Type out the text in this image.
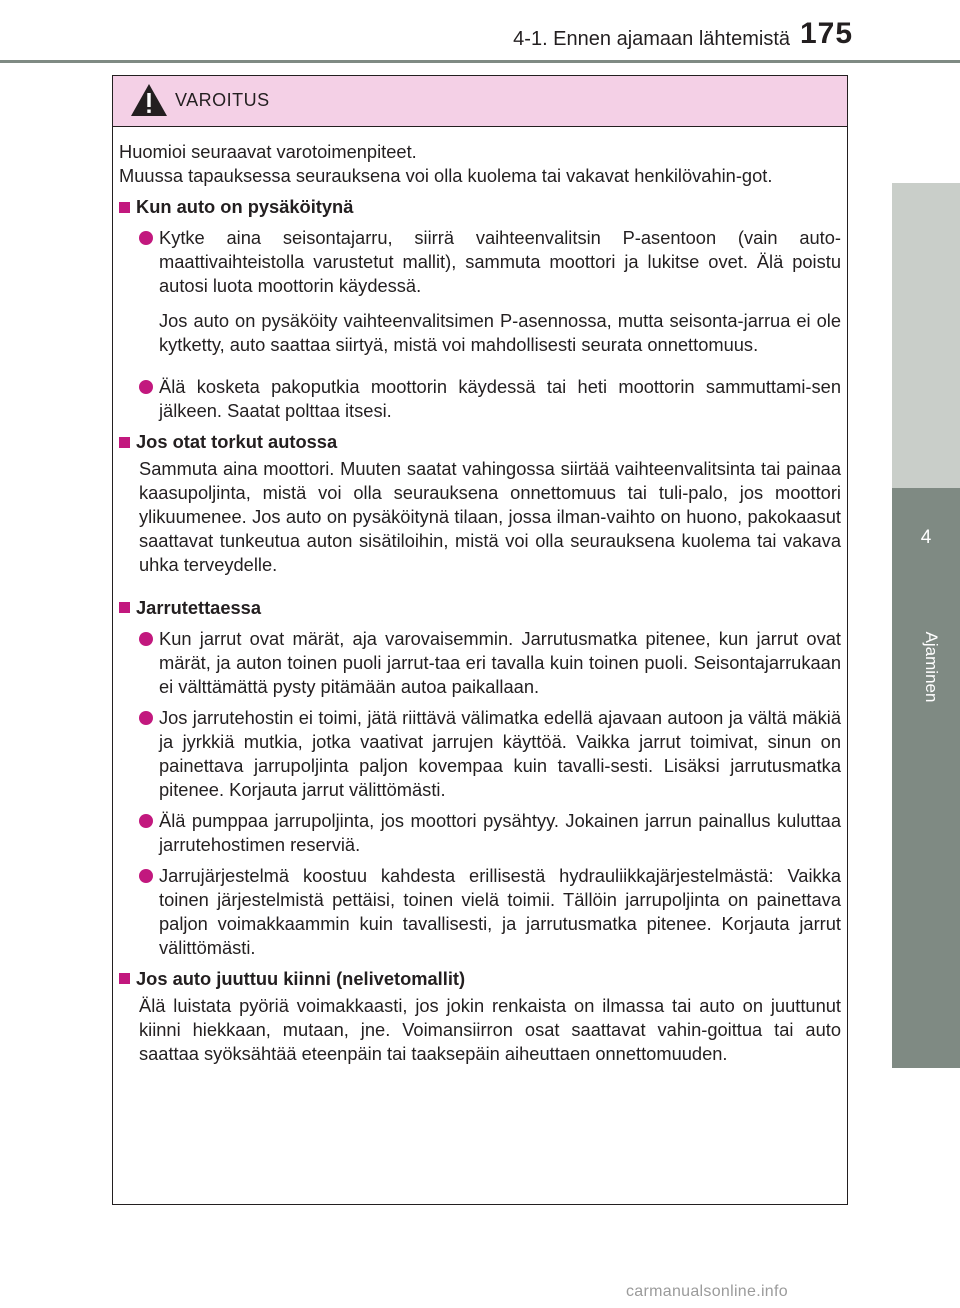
4-1. Ennen ajamaan lähtemistä 175
4
Ajaminen
VAROITUS

Huomioi seuraavat varotoimenpiteet.

Muussa tapauksessa seurauksena voi olla kuolema tai vakavat henkilövahin-got.

Kun auto on pysäköitynä
Kytke aina seisontajarru, siirrä vaihteenvalitsin P-asentoon (vain auto-maattivaihteistolla varustetut mallit), sammuta moottori ja lukitse ovet. Älä poistu autosi luota moottorin käydessä.

Jos auto on pysäköity vaihteenvalitsimen P-asennossa, mutta seisonta-jarrua ei ole kytketty, auto saattaa siirtyä, mistä voi mahdollisesti seurata onnettomuus.

Älä kosketa pakoputkia moottorin käydessä tai heti moottorin sammuttami-sen jälkeen. Saatat polttaa itsesi.
Jos otat torkut autossa

Sammuta aina moottori. Muuten saatat vahingossa siirtää vaihteenvalitsinta tai painaa kaasupoljinta, mistä voi olla seurauksena onnettomuus tai tuli-palo, jos moottori ylikuumenee. Jos auto on pysäköitynä tilaan, jossa ilman-vaihto on huono, pakokaasut saattavat tunkeutua auton sisätiloihin, mistä voi olla seurauksena kuolema tai vakava uhka terveydelle.

Jarrutettaessa
Kun jarrut ovat märät, aja varovaisemmin. Jarrutusmatka pitenee, kun jarrut ovat märät, ja auton toinen puoli jarrut-taa eri tavalla kuin toinen puoli. Seisontajarrukaan ei välttämättä pysty pitämään autoa paikallaan.
Jos jarrutehostin ei toimi, jätä riittävä välimatka edellä ajavaan autoon ja vältä mäkiä ja jyrkkiä mutkia, jotka vaativat jarrujen käyttöä. Vaikka jarrut toimivat, sinun on painettava jarrupoljinta paljon kovempaa kuin tavalli-sesti. Lisäksi jarrutusmatka pitenee. Korjauta jarrut välittömästi.
Älä pumppaa jarrupoljinta, jos moottori pysähtyy. Jokainen jarrun painallus kuluttaa jarrutehostimen reserviä.
Jarrujärjestelmä koostuu kahdesta erillisestä hydrauliikkajärjestelmästä: Vaikka toinen järjestelmistä pettäisi, toinen vielä toimii. Tällöin jarrupoljinta on painettava paljon voimakkaammin kuin tavallisesti, ja jarrutusmatka pitenee. Korjauta jarrut välittömästi.
Jos auto juuttuu kiinni (nelivetomallit)

Älä luistata pyöriä voimakkaasti, jos jokin renkaista on ilmassa tai auto on juuttunut kiinni hiekkaan, mutaan, jne. Voimansiirron osat saattavat vahin-goittua tai auto saattaa syöksähtää eteenpäin tai taaksepäin aiheuttaen onnettomuuden.

carmanualsonline.info
